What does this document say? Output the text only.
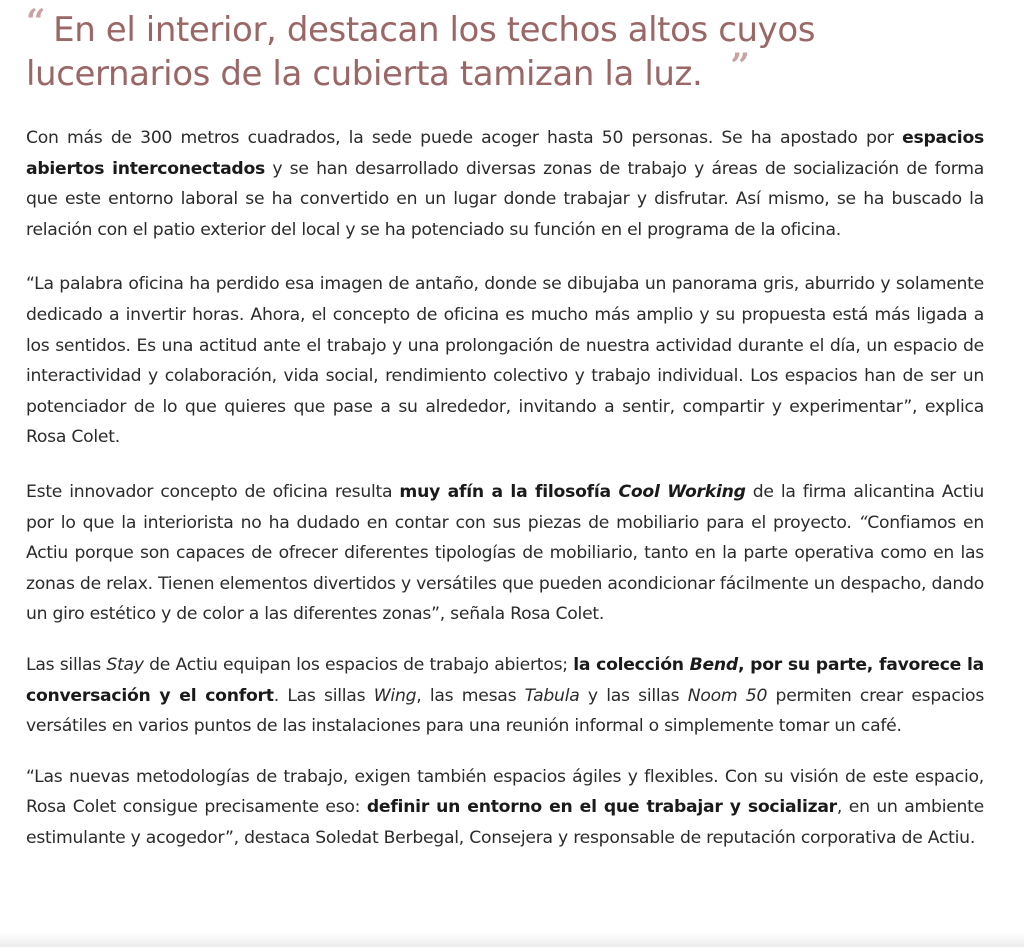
“ En el interior, destacan los techos altos cuyos lucernarios de la cubierta tamizan la luz. ”

Con más de 300 metros cuadrados, la sede puede acoger hasta 50 personas. Se ha apostado por espacios abiertos interconectados y se han desarrollado diversas zonas de trabajo y áreas de socialización de forma que este entorno laboral se ha convertido en un lugar donde trabajar y disfrutar. Así mismo, se ha buscado la relación con el patio exterior del local y se ha potenciado su función en el programa de la oficina.

“La palabra oficina ha perdido esa imagen de antaño, donde se dibujaba un panorama gris, aburrido y solamente dedicado a invertir horas. Ahora, el concepto de oficina es mucho más amplio y su propuesta está más ligada a los sentidos. Es una actitud ante el trabajo y una prolongación de nuestra actividad durante el día, un espacio de interactividad y colaboración, vida social, rendimiento colectivo y trabajo individual. Los espacios han de ser un potenciador de lo que quieres que pase a su alrededor, invitando a sentir, compartir y experimentar”, explica Rosa Colet.

Este innovador concepto de oficina resulta muy afín a la filosofía Cool Working de la firma alicantina Actiu por lo que la interiorista no ha dudado en contar con sus piezas de mobiliario para el proyecto. “Confiamos en Actiu porque son capaces de ofrecer diferentes tipologías de mobiliario, tanto en la parte operativa como en las zonas de relax. Tienen elementos divertidos y versátiles que pueden acondicionar fácilmente un despacho, dando un giro estético y de color a las diferentes zonas”, señala Rosa Colet.

Las sillas Stay de Actiu equipan los espacios de trabajo abiertos; la colección Bend, por su parte, favorece la conversación y el confort. Las sillas Wing, las mesas Tabula y las sillas Noom 50 permiten crear espacios versátiles en varios puntos de las instalaciones para una reunión informal o simplemente tomar un café.

“Las nuevas metodologías de trabajo, exigen también espacios ágiles y flexibles. Con su visión de este espacio, Rosa Colet consigue precisamente eso: definir un entorno en el que trabajar y socializar, en un ambiente estimulante y acogedor”, destaca Soledat Berbegal, Consejera y responsable de reputación corporativa de Actiu.
